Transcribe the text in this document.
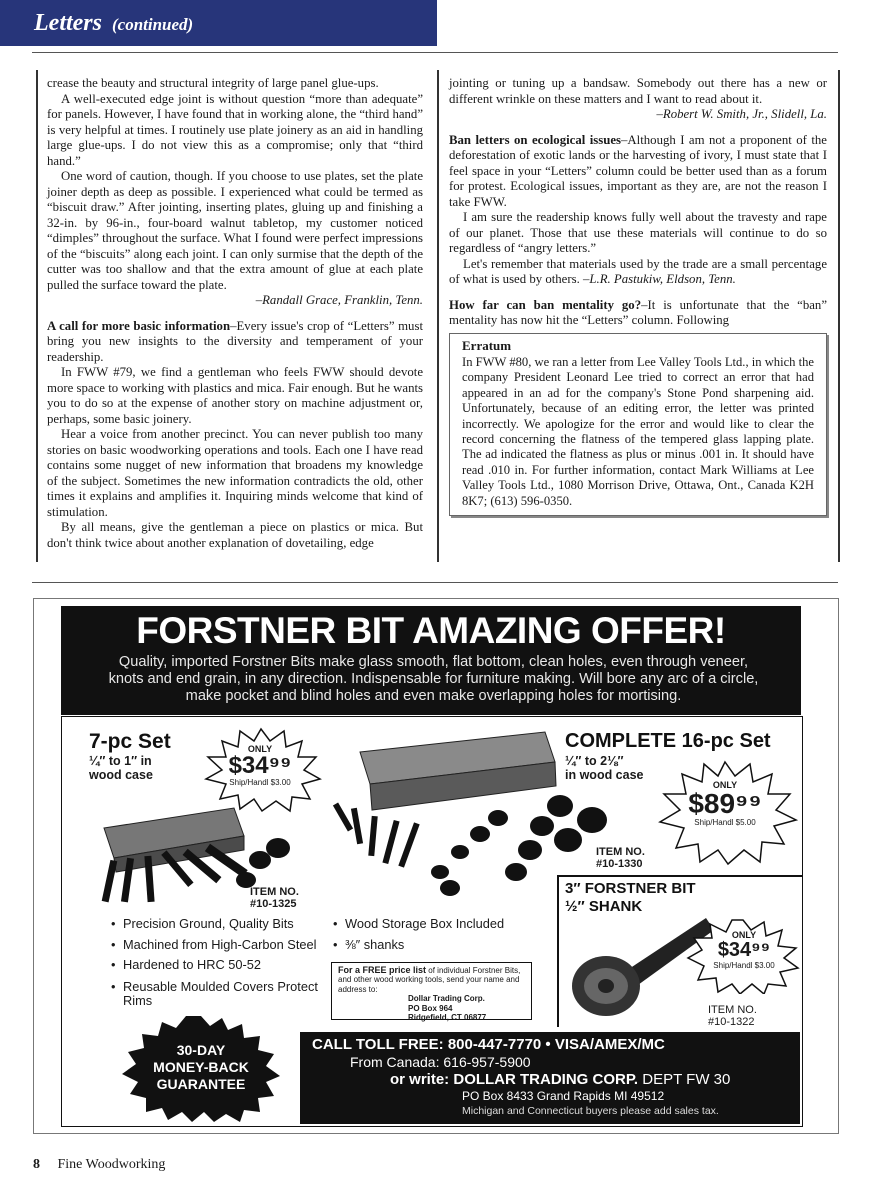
Letters (continued)

crease the beauty and structural integrity of large panel glue-ups.

A well-executed edge joint is without question “more than adequate” for panels. However, I have found that in working alone, the “third hand” is very helpful at times. I routinely use plate joinery as an aid in handling large glue-ups. I do not view this as a compromise; only that “third hand.”

One word of caution, though. If you choose to use plates, set the plate joiner depth as deep as possible. I experienced what could be termed as “biscuit draw.” After jointing, inserting plates, gluing up and finishing a 32-in. by 96-in., four-board walnut tabletop, my customer noticed “dimples” throughout the surface. What I found were perfect impressions of the “biscuits” along each joint. I can only surmise that the depth of the cutter was too shallow and that the extra amount of glue at each plate pulled the surface toward the plate.

–Randall Grace, Franklin, Tenn.

A call for more basic information–Every issue's crop of “Letters” must bring you new insights to the diversity and temperament of your readership.

In FWW #79, we find a gentleman who feels FWW should devote more space to working with plastics and mica. Fair enough. But he wants you to do so at the expense of another story on machine adjustment or, perhaps, some basic joinery.

Hear a voice from another precinct. You can never publish too many stories on basic woodworking operations and tools. Each one I have read contains some nugget of new information that broadens my knowledge of the subject. Sometimes the new information contradicts the old, other times it explains and amplifies it. Inquiring minds welcome that kind of stimulation.

By all means, give the gentleman a piece on plastics or mica. But don't think twice about another explanation of dovetailing, edge

jointing or tuning up a bandsaw. Somebody out there has a new or different wrinkle on these matters and I want to read about it.

–Robert W. Smith, Jr., Slidell, La.

Ban letters on ecological issues–Although I am not a proponent of the deforestation of exotic lands or the harvesting of ivory, I must state that I feel space in your “Letters” column could be better used than as a forum for protest. Ecological issues, important as they are, are not the reason I take FWW.

I am sure the readership knows fully well about the travesty and rape of our planet. Those that use these materials will continue to do so regardless of “angry letters.”

Let's remember that materials used by the trade are a small percentage of what is used by others. –L.R. Pastukiw, Eldson, Tenn.

How far can ban mentality go?–It is unfortunate that the “ban” mentality has now hit the “Letters” column. Following

Erratum
In FWW #80, we ran a letter from Lee Valley Tools Ltd., in which the company President Leonard Lee tried to correct an error that had appeared in an ad for the company's Stone Pond sharpening aid. Unfortunately, because of an editing error, the letter was printed incorrectly. We apologize for the error and would like to clear the record concerning the flatness of the tempered glass lapping plate. The ad indicated the flatness as plus or minus .001 in. It should have read .010 in. For further information, contact Mark Williams at Lee Valley Tools Ltd., 1080 Morrison Drive, Ottawa, Ont., Canada K2H 8K7; (613) 596-0350.
FORSTNER BIT AMAZING OFFER!
Quality, imported Forstner Bits make glass smooth, flat bottom, clean holes, even through veneer, knots and end grain, in any direction. Indispensable for furniture making. Will bore any arc of a circle, make pocket and blind holes and even make overlapping holes for mortising.
7-pc Set
¼″ to 1″ in
wood case
ONLY
$34⁹⁹
Ship/Handl $3.00
ITEM NO.
#10-1325
COMPLETE 16-pc Set
¼″ to 2⅛″
in wood case
ONLY
$89⁹⁹
Ship/Handl $5.00
ITEM NO.
#10-1330
3″ FORSTNER BIT
½″ SHANK
ONLY
$34⁹⁹
Ship/Handl $3.00
ITEM NO.
#10-1322
• Precision Ground, Quality Bits
• Machined from High-Carbon Steel
• Hardened to HRC 50-52
• Reusable Moulded Covers Protect Rims
• Wood Storage Box Included
• ⅜″ shanks
For a FREE price list of individual Forstner Bits, and other wood working tools, send your name and address to:
Dollar Trading Corp.
PO Box 964
Ridgefield, CT 06877
30-DAY
MONEY-BACK
GUARANTEE
CALL TOLL FREE: 800-447-7770 • VISA/AMEX/MC
From Canada: 616-957-5900
or write: DOLLAR TRADING CORP. DEPT FW 30
PO Box 8433 Grand Rapids MI 49512
Michigan and Connecticut buyers please add sales tax.
8 Fine Woodworking
